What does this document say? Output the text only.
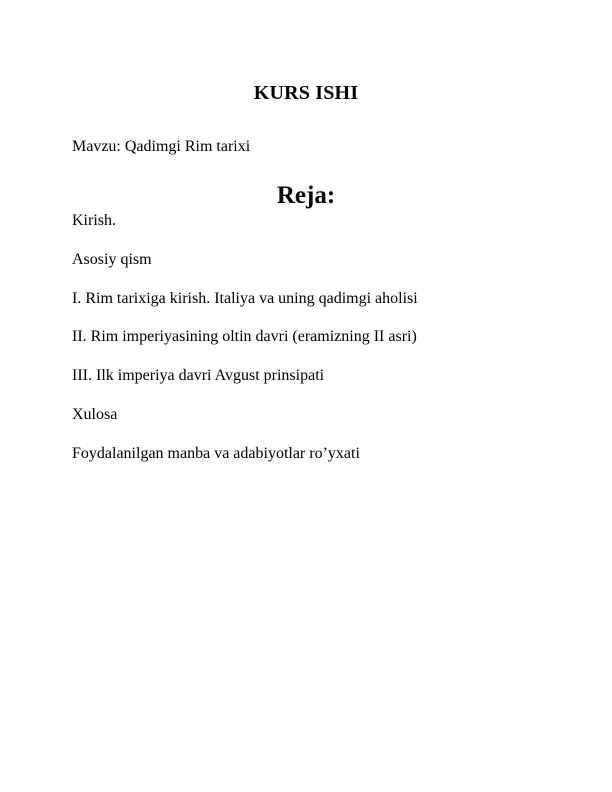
KURS ISHI

Mavzu: Qadimgi Rim tarixi

Reja:
Kirish.
Asosiy qism
I. Rim tarixiga kirish. Italiya va uning qadimgi aholisi
II. Rim imperiyasining oltin davri (eramizning II asri)
III. Ilk imperiya davri Avgust prinsipati
Xulosa
Foydalanilgan manba va adabiyotlar ro’yxati
